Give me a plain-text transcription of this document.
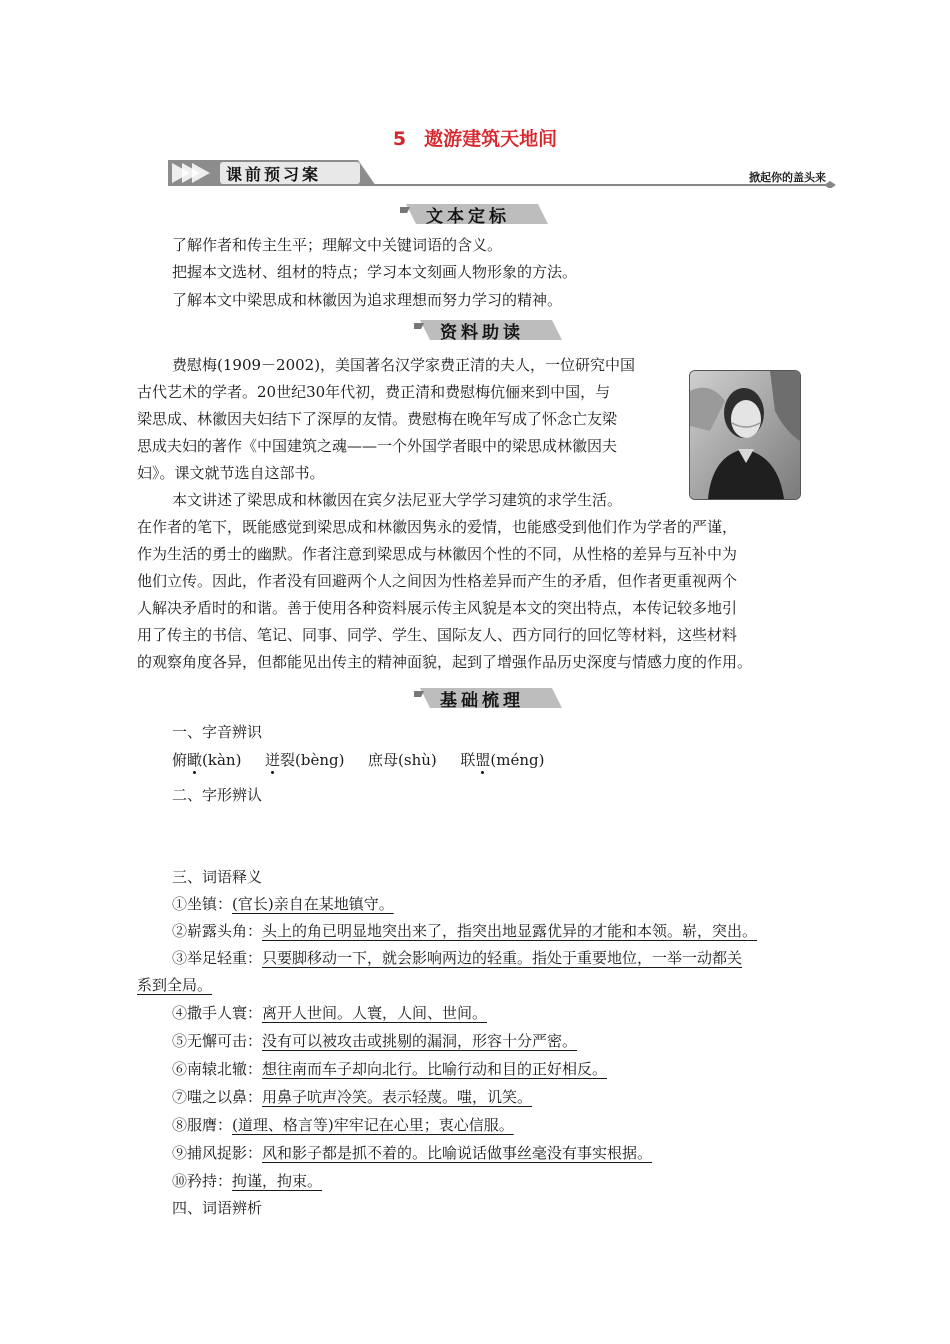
5 遨游建筑天地间
课前预习案	掀起你的盖头来
文本定标
了解作者和传主生平；理解文中关键词语的含义。
把握本文选材、组材的特点；学习本文刻画人物形象的方法。
了解本文中梁思成和林徽因为追求理想而努力学习的精神。
资料助读
费慰梅(1909－2002)，美国著名汉学家费正清的夫人，一位研究中国
古代艺术的学者。20世纪30年代初，费正清和费慰梅伉俪来到中国，与
梁思成、林徽因夫妇结下了深厚的友情。费慰梅在晚年写成了怀念亡友梁
思成夫妇的著作《中国建筑之魂——一个外国学者眼中的梁思成林徽因夫
妇》。课文就节选自这部书。
本文讲述了梁思成和林徽因在宾夕法尼亚大学学习建筑的求学生活。
在作者的笔下，既能感觉到梁思成和林徽因隽永的爱情，也能感受到他们作为学者的严谨，
作为生活的勇士的幽默。作者注意到梁思成与林徽因个性的不同，从性格的差异与互补中为
他们立传。因此，作者没有回避两个人之间因为性格差异而产生的矛盾，但作者更重视两个
人解决矛盾时的和谐。善于使用各种资料展示传主风貌是本文的突出特点，本传记较多地引
用了传主的书信、笔记、同事、同学、学生、国际友人、西方同行的回忆等材料，这些材料
的观察角度各异，但都能见出传主的精神面貌，起到了增强作品历史深度与情感力度的作用。
基础梳理
一、字音辨识
俯瞰(kàn) 迸裂(bèng) 庶母(shù) 联盟(méng)
二、字形辨认
三、词语释义
①坐镇：(官长)亲自在某地镇守。
②崭露头角：头上的角已明显地突出来了，指突出地显露优异的才能和本领。崭，突出。
③举足轻重：只要脚移动一下，就会影响两边的轻重。指处于重要地位，一举一动都关
系到全局。
④撒手人寰：离开人世间。人寰，人间、世间。
⑤无懈可击：没有可以被攻击或挑剔的漏洞，形容十分严密。
⑥南辕北辙：想往南而车子却向北行。比喻行动和目的正好相反。
⑦嗤之以鼻：用鼻子吭声冷笑。表示轻蔑。嗤，讥笑。
⑧服膺：(道理、格言等)牢牢记在心里；衷心信服。
⑨捕风捉影：风和影子都是抓不着的。比喻说话做事丝毫没有事实根据。
⑩矜持：拘谨，拘束。
四、词语辨析
